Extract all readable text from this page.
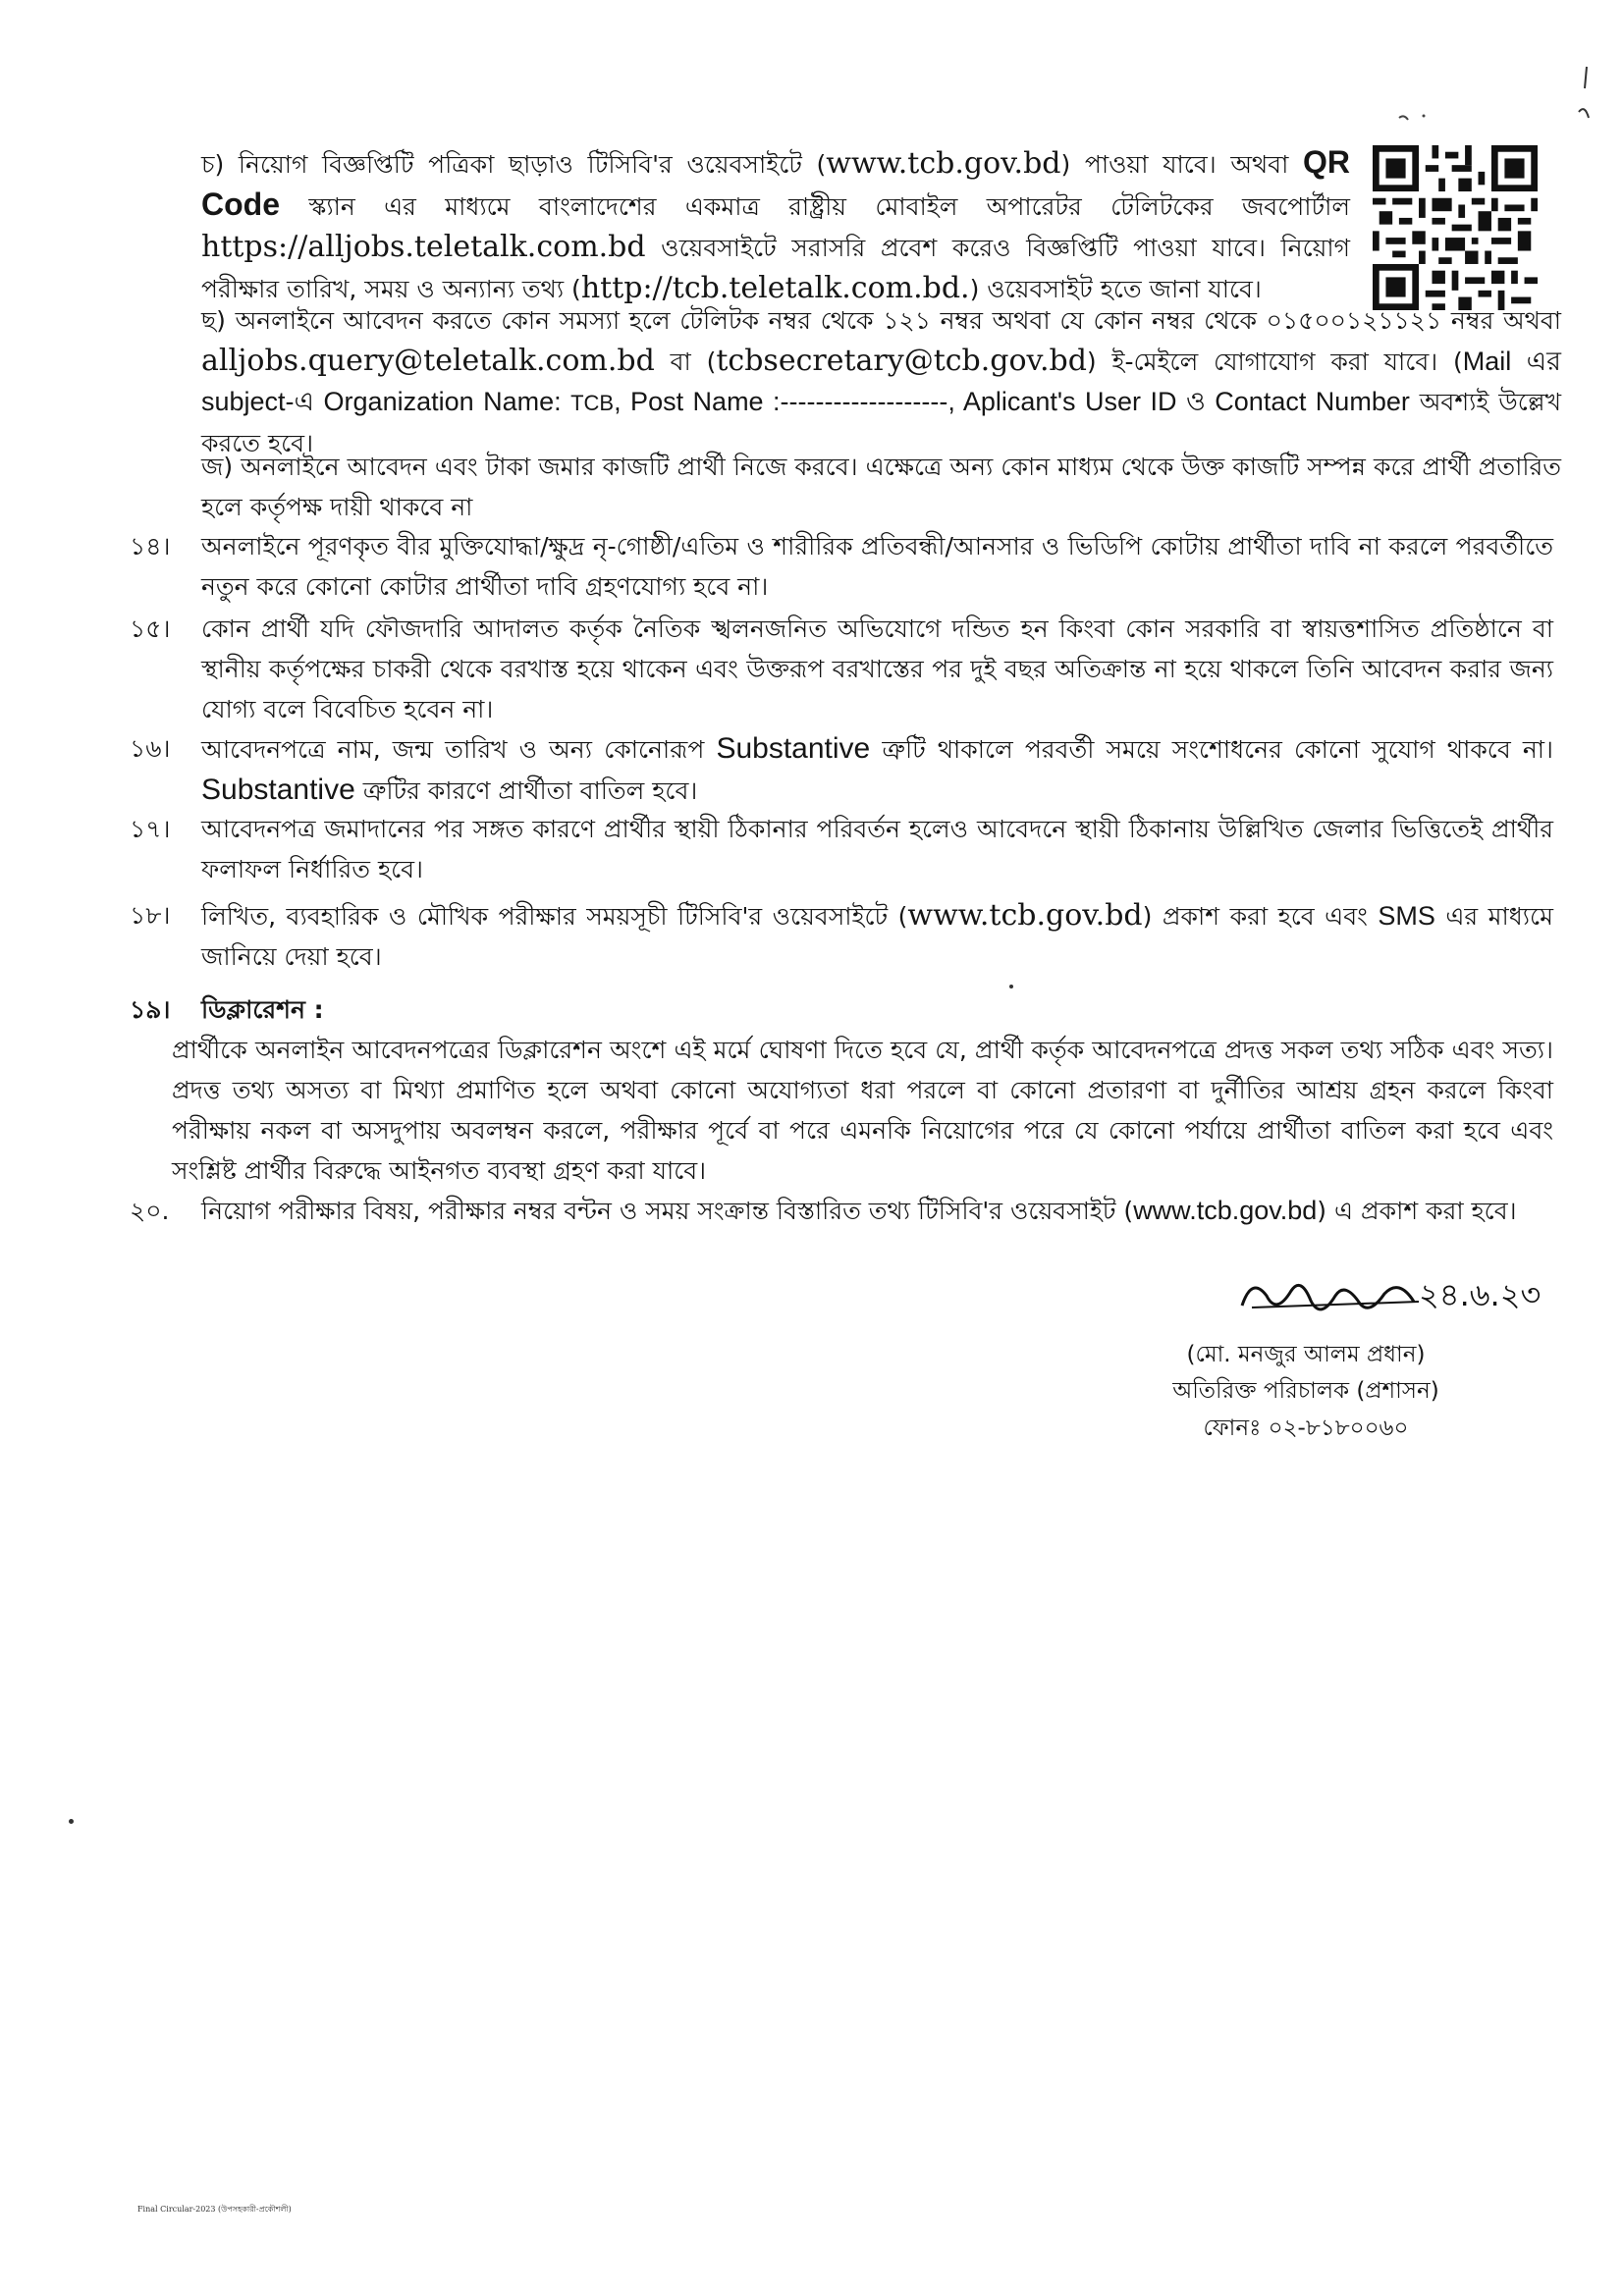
চ) নিয়োগ বিজ্ঞপ্তিটি পত্রিকা ছাড়াও টিসিবি'র ওয়েবসাইটে (www.tcb.gov.bd) পাওয়া যাবে। অথবা QR Code স্ক্যান এর মাধ্যমে বাংলাদেশের একমাত্র রাষ্ট্রীয় মোবাইল অপারেটর টেলিটকের জবপোর্টাল https://alljobs.teletalk.com.bd ওয়েবসাইটে সরাসরি প্রবেশ করেও বিজ্ঞপ্তিটি পাওয়া যাবে। নিয়োগ পরীক্ষার তারিখ, সময় ও অন্যান্য তথ্য (http://tcb.teletalk.com.bd.) ওয়েবসাইট হতে জানা যাবে।
ছ) অনলাইনে আবেদন করতে কোন সমস্যা হলে টেলিটক নম্বর থেকে ১২১ নম্বর অথবা যে কোন নম্বর থেকে ০১৫০০১২১১২১ নম্বর অথবা alljobs.query@teletalk.com.bd বা (tcbsecretary@tcb.gov.bd) ই-মেইলে যোগাযোগ করা যাবে। (Mail এর subject-এ Organization Name: TCB, Post Name :-------------------, Aplicant's User ID ও Contact Number অবশ্যই উল্লেখ করতে হবে।
জ) অনলাইনে আবেদন এবং টাকা জমার কাজটি প্রার্থী নিজে করবে। এক্ষেত্রে অন্য কোন মাধ্যম থেকে উক্ত কাজটি সম্পন্ন করে প্রার্থী প্রতারিত হলে কর্তৃপক্ষ দায়ী থাকবে না
১৪।	অনলাইনে পূরণকৃত বীর মুক্তিযোদ্ধা/ক্ষুদ্র নৃ-গোষ্ঠী/এতিম ও শারীরিক প্রতিবন্ধী/আনসার ও ভিডিপি কোটায় প্রার্থীতা দাবি না করলে পরবর্তীতে নতুন করে কোনো কোটার প্রার্থীতা দাবি গ্রহণযোগ্য হবে না।
১৫।	কোন প্রার্থী যদি ফৌজদারি আদালত কর্তৃক নৈতিক স্খলনজনিত অভিযোগে দন্ডিত হন কিংবা কোন সরকারি বা স্বায়ত্তশাসিত প্রতিষ্ঠানে বা স্থানীয় কর্তৃপক্ষের চাকরী থেকে বরখাস্ত হয়ে থাকেন এবং উক্তরূপ বরখাস্তের পর দুই বছর অতিক্রান্ত না হয়ে থাকলে তিনি আবেদন করার জন্য যোগ্য বলে বিবেচিত হবেন না।
১৬।	আবেদনপত্রে নাম, জন্ম তারিখ ও অন্য কোনোরূপ Substantive ত্রুটি থাকালে পরবর্তী সময়ে সংশোধনের কোনো সুযোগ থাকবে না। Substantive ত্রুটির কারণে প্রার্থীতা বাতিল হবে।
১৭।	আবেদনপত্র জমাদানের পর সঙ্গত কারণে প্রার্থীর স্থায়ী ঠিকানার পরিবর্তন হলেও আবেদনে স্থায়ী ঠিকানায় উল্লিখিত জেলার ভিত্তিতেই প্রার্থীর ফলাফল নির্ধারিত হবে।
১৮।	লিখিত, ব্যবহারিক ও মৌখিক পরীক্ষার সময়সূচী টিসিবি'র ওয়েবসাইটে (www.tcb.gov.bd) প্রকাশ করা হবে এবং SMS এর মাধ্যমে জানিয়ে দেয়া হবে।
১৯।	ডিক্লারেশন :
প্রার্থীকে অনলাইন আবেদনপত্রের ডিক্লারেশন অংশে এই মর্মে ঘোষণা দিতে হবে যে, প্রার্থী কর্তৃক আবেদনপত্রে প্রদত্ত সকল তথ্য সঠিক এবং সত্য। প্রদত্ত তথ্য অসত্য বা মিথ্যা প্রমাণিত হলে অথবা কোনো অযোগ্যতা ধরা পরলে বা কোনো প্রতারণা বা দুর্নীতির আশ্রয় গ্রহন করলে কিংবা পরীক্ষায় নকল বা অসদুপায় অবলম্বন করলে, পরীক্ষার পূর্বে বা পরে এমনকি নিয়োগের পরে যে কোনো পর্যায়ে প্রার্থীতা বাতিল করা হবে এবং সংশ্লিষ্ট প্রার্থীর বিরুদ্ধে আইনগত ব্যবস্থা গ্রহণ করা যাবে।
২০.	নিয়োগ পরীক্ষার বিষয়, পরীক্ষার নম্বর বন্টন ও সময় সংক্রান্ত বিস্তারিত তথ্য টিসিবি'র ওয়েবসাইট (www.tcb.gov.bd) এ প্রকাশ করা হবে।
২৪.৬.২৩
(মো. মনজুর আলম প্রধান)
অতিরিক্ত পরিচালক (প্রশাসন)
ফোনঃ ০২-৮১৮০০৬০
Final Circular-2023 (উপসহকারী-প্রকৌশলী)
